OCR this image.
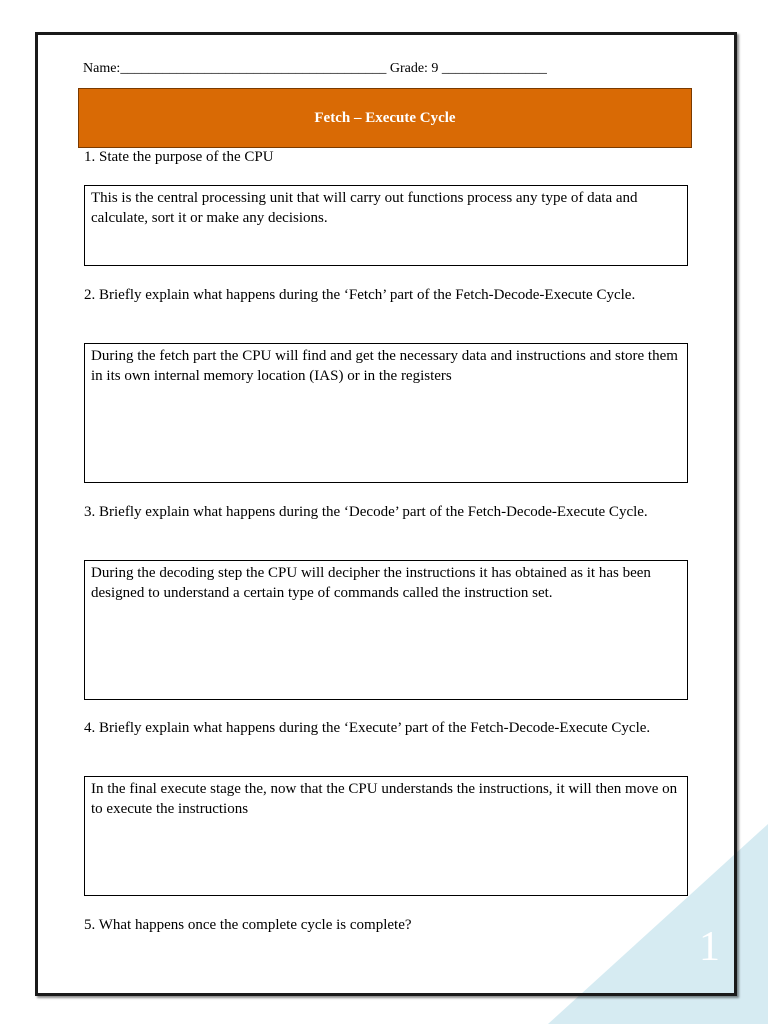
1
Name:______________________________________ Grade: 9 _______________
Fetch – Execute Cycle
1. State the purpose of the CPU
This is the central processing unit that will carry out functions process any type of data and calculate, sort it or make any decisions.
2. Briefly explain what happens during the ‘Fetch’ part of the Fetch-Decode-Execute Cycle.
During the fetch part the CPU will find and get the necessary data and instructions and store them in its own internal memory location (IAS) or in the registers
3. Briefly explain what happens during the ‘Decode’ part of the Fetch-Decode-Execute Cycle.
During the decoding step the CPU will decipher the instructions it has obtained as it has been designed to understand a certain type of commands called the instruction set.
4. Briefly explain what happens during the ‘Execute’ part of the Fetch-Decode-Execute Cycle.
In the final execute stage the, now that the CPU understands the instructions, it will then move on to execute the instructions
5. What happens once the complete cycle is complete?
